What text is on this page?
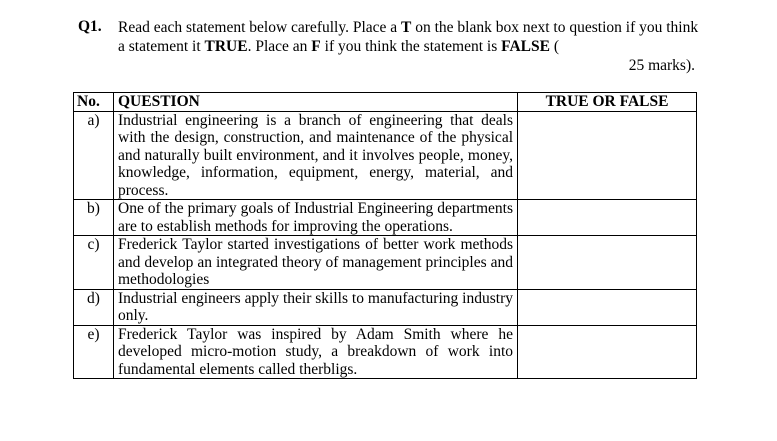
Q1. Read each statement below carefully. Place a T on the blank box next to question if you think a statement it TRUE. Place an F if you think the statement is FALSE (
25 marks).
No.	QUESTION	TRUE OR FALSE
a)	Industrial engineering is a branch of engineering that deals with the design, construction, and maintenance of the physical and naturally built environment, and it involves people, money, knowledge, information, equipment, energy, material, and process.	
b)	One of the primary goals of Industrial Engineering departments are to establish methods for improving the operations.	
c)	Frederick Taylor started investigations of better work methods and develop an integrated theory of management principles and methodologies	
d)	Industrial engineers apply their skills to manufacturing industry only.	
e)	Frederick Taylor was inspired by Adam Smith where he developed micro-motion study, a breakdown of work into fundamental elements called therbligs.	
